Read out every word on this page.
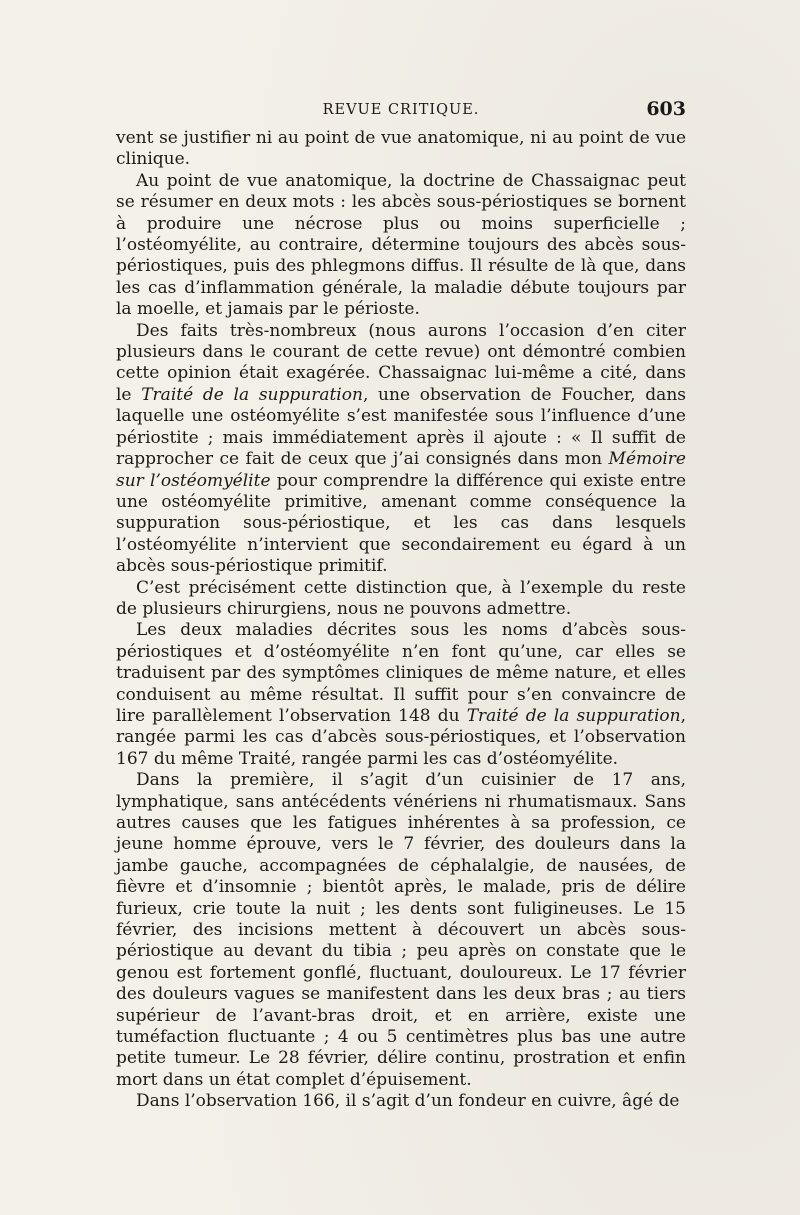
REVUE CRITIQUE.	603

vent se justifier ni au point de vue anatomique, ni au point de vue clinique.

Au point de vue anatomique, la doctrine de Chassaignac peut se résumer en deux mots : les abcès sous-périostiques se bornent à produire une nécrose plus ou moins superficielle ; l’ostéomyélite, au contraire, détermine toujours des abcès sous-périostiques, puis des phlegmons diffus. Il résulte de là que, dans les cas d’inflammation générale, la maladie débute toujours par la moelle, et jamais par le périoste.

Des faits très-nombreux (nous aurons l’occasion d’en citer plusieurs dans le courant de cette revue) ont démontré combien cette opinion était exagérée. Chassaignac lui-même a cité, dans le Traité de la suppuration, une observation de Foucher, dans laquelle une ostéomyélite s’est manifestée sous l’influence d’une périostite ; mais immédiatement après il ajoute : « Il suffit de rapprocher ce fait de ceux que j’ai consignés dans mon Mémoire sur l’ostéomyélite pour comprendre la différence qui existe entre une ostéomyélite primitive, amenant comme conséquence la suppuration sous-périostique, et les cas dans lesquels l’ostéomyélite n’intervient que secondairement eu égard à un abcès sous-périostique primitif.

C’est précisément cette distinction que, à l’exemple du reste de plusieurs chirurgiens, nous ne pouvons admettre.

Les deux maladies décrites sous les noms d’abcès sous-périostiques et d’ostéomyélite n’en font qu’une, car elles se traduisent par des symptômes cliniques de même nature, et elles conduisent au même résultat. Il suffit pour s’en convaincre de lire parallèlement l’observation 148 du Traité de la suppuration, rangée parmi les cas d’abcès sous-périostiques, et l’observation 167 du même Traité, rangée parmi les cas d’ostéomyélite.

Dans la première, il s’agit d’un cuisinier de 17 ans, lymphatique, sans antécédents vénériens ni rhumatismaux. Sans autres causes que les fatigues inhérentes à sa profession, ce jeune homme éprouve, vers le 7 février, des douleurs dans la jambe gauche, accompagnées de céphalalgie, de nausées, de fièvre et d’insomnie ; bientôt après, le malade, pris de délire furieux, crie toute la nuit ; les dents sont fuligineuses. Le 15 février, des incisions mettent à découvert un abcès sous-périostique au devant du tibia ; peu après on constate que le genou est fortement gonflé, fluctuant, douloureux. Le 17 février des douleurs vagues se manifestent dans les deux bras ; au tiers supérieur de l’avant-bras droit, et en arrière, existe une tuméfaction fluctuante ; 4 ou 5 centimètres plus bas une autre petite tumeur. Le 28 février, délire continu, prostration et enfin mort dans un état complet d’épuisement.

Dans l’observation 166, il s’agit d’un fondeur en cuivre, âgé de
